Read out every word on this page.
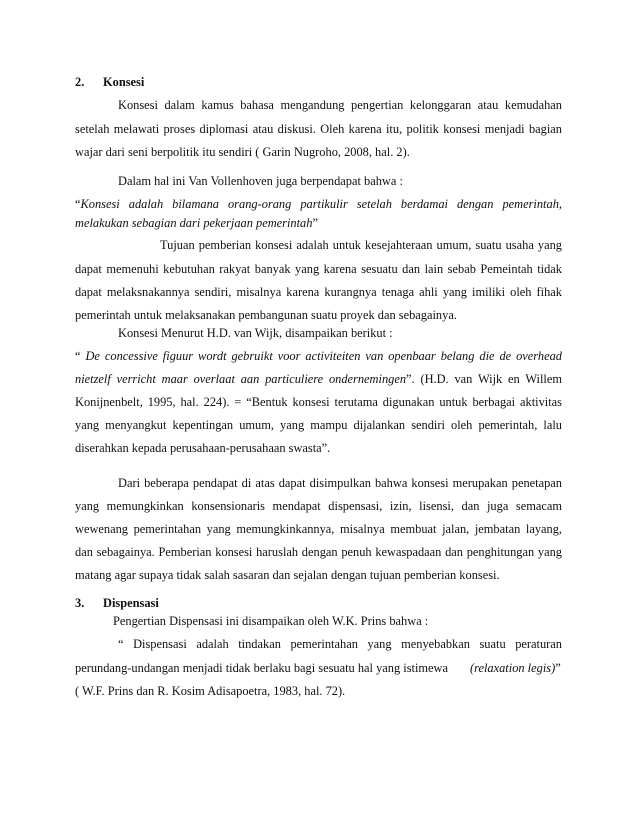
2. Konsesi
Konsesi dalam kamus bahasa mengandung pengertian kelonggaran atau kemudahan
setelah melawati proses diplomasi atau diskusi. Oleh karena itu, politik konsesi menjadi bagian
wajar dari seni berpolitik itu sendiri ( Garin Nugroho, 2008, hal. 2).
Dalam hal ini Van Vollenhoven juga berpendapat bahwa :
“Konsesi adalah bilamana orang-orang partikulir setelah berdamai dengan pemerintah,
melakukan sebagian dari pekerjaan pemerintah”
Tujuan pemberian konsesi adalah untuk kesejahteraan umum, suatu usaha yang
dapat memenuhi kebutuhan rakyat banyak yang karena sesuatu dan lain sebab Pemeintah tidak
dapat melaksnakannya sendiri, misalnya karena kurangnya tenaga ahli yang imiliki oleh fihak
pemerintah untuk melaksanakan pembangunan suatu proyek dan sebagainya.
Konsesi Menurut H.D. van Wijk, disampaikan berikut :
“ De concessive figuur wordt gebruikt voor activiteiten van openbaar belang die de overhead
nietzelf verricht maar overlaat aan particuliere ondernemingen”. (H.D. van Wijk en Willem
Konijnenbelt, 1995, hal. 224). = “Bentuk konsesi terutama digunakan untuk berbagai aktivitas
yang menyangkut kepentingan umum, yang mampu dijalankan sendiri oleh pemerintah, lalu
diserahkan kepada perusahaan-perusahaan swasta”.
Dari beberapa pendapat di atas dapat disimpulkan bahwa konsesi merupakan penetapan
yang memungkinkan konsensionaris mendapat dispensasi, izin, lisensi, dan juga semacam
wewenang pemerintahan yang memungkinkannya, misalnya membuat jalan, jembatan layang,
dan sebagainya. Pemberian konsesi haruslah dengan penuh kewaspadaan dan penghitungan yang
matang agar supaya tidak salah sasaran dan sejalan dengan tujuan pemberian konsesi.
3. Dispensasi
Pengertian Dispensasi ini disampaikan oleh W.K. Prins bahwa :
“ Dispensasi adalah tindakan pemerintahan yang menyebabkan suatu peraturan
perundang-undangan menjadi tidak berlaku bagi sesuatu hal yang istimewa (relaxation legis)”
( W.F. Prins dan R. Kosim Adisapoetra, 1983, hal. 72).
